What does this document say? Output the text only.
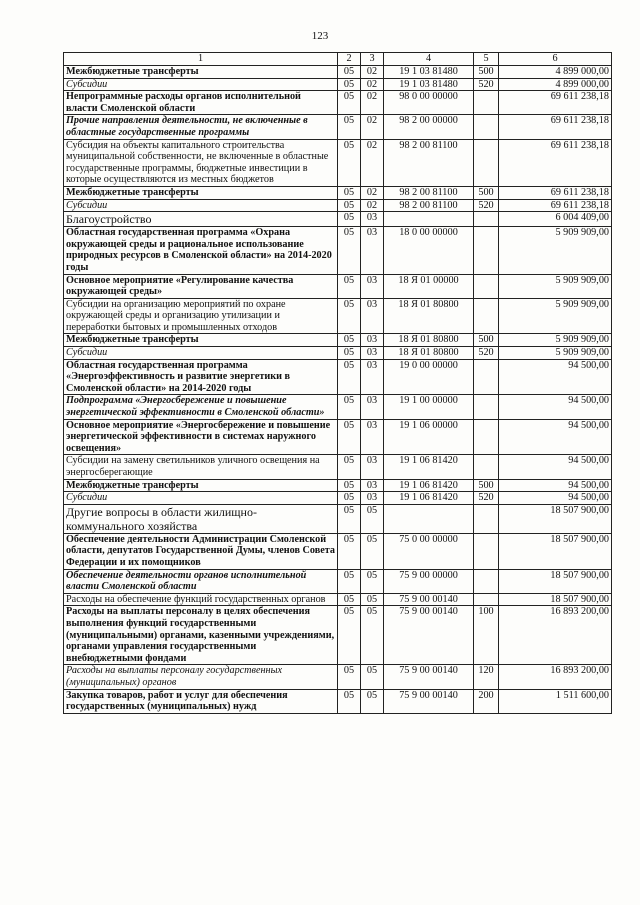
123
1	2	3	4	5	6
Межбюджетные трансферты	05	02	19 1 03 81480	500	4 899 000,00
Субсидии	05	02	19 1 03 81480	520	4 899 000,00
Непрограммные расходы органов исполнительной власти Смоленской области	05	02	98 0 00 00000		69 611 238,18
Прочие направления деятельности, не включенные в областные государственные программы	05	02	98 2 00 00000		69 611 238,18
Субсидия на объекты капитального строительства муниципальной собственности, не включенные в областные государственные программы, бюджетные инвестиции в которые осуществляются из местных бюджетов	05	02	98 2 00 81100		69 611 238,18
Межбюджетные трансферты	05	02	98 2 00 81100	500	69 611 238,18
Субсидии	05	02	98 2 00 81100	520	69 611 238,18
Благоустройство	05	03			6 004 409,00
Областная государственная программа «Охрана окружающей среды и рациональное использование природных ресурсов в Смоленской области» на 2014-2020 годы	05	03	18 0 00 00000		5 909 909,00
Основное мероприятие «Регулирование качества окружающей среды»	05	03	18 Я 01 00000		5 909 909,00
Субсидии на организацию мероприятий по охране окружающей среды и организацию утилизации и переработки бытовых и промышленных отходов	05	03	18 Я 01 80800		5 909 909,00
Межбюджетные трансферты	05	03	18 Я 01 80800	500	5 909 909,00
Субсидии	05	03	18 Я 01 80800	520	5 909 909,00
Областная государственная программа «Энергоэффективность и развитие энергетики в Смоленской области» на 2014-2020 годы	05	03	19 0 00 00000		94 500,00
Подпрограмма «Энергосбережение и повышение энергетической эффективности в Смоленской области»	05	03	19 1 00 00000		94 500,00
Основное мероприятие «Энергосбережение и повышение энергетической эффективности в системах наружного освещения»	05	03	19 1 06 00000		94 500,00
Субсидии на замену светильников уличного освещения на энергосберегающие	05	03	19 1 06 81420		94 500,00
Межбюджетные трансферты	05	03	19 1 06 81420	500	94 500,00
Субсидии	05	03	19 1 06 81420	520	94 500,00
Другие вопросы в области жилищно-коммунального хозяйства	05	05			18 507 900,00
Обеспечение деятельности Администрации Смоленской области, депутатов Государственной Думы, членов Совета Федерации и их помощников	05	05	75 0 00 00000		18 507 900,00
Обеспечение деятельности органов исполнительной власти Смоленской области	05	05	75 9 00 00000		18 507 900,00
Расходы на обеспечение функций государственных органов	05	05	75 9 00 00140		18 507 900,00
Расходы на выплаты персоналу в целях обеспечения выполнения функций государственными (муниципальными) органами, казенными учреждениями, органами управления государственными внебюджетными фондами	05	05	75 9 00 00140	100	16 893 200,00
Расходы на выплаты персоналу государственных (муниципальных) органов	05	05	75 9 00 00140	120	16 893 200,00
Закупка товаров, работ и услуг для обеспечения государственных (муниципальных) нужд	05	05	75 9 00 00140	200	1 511 600,00
